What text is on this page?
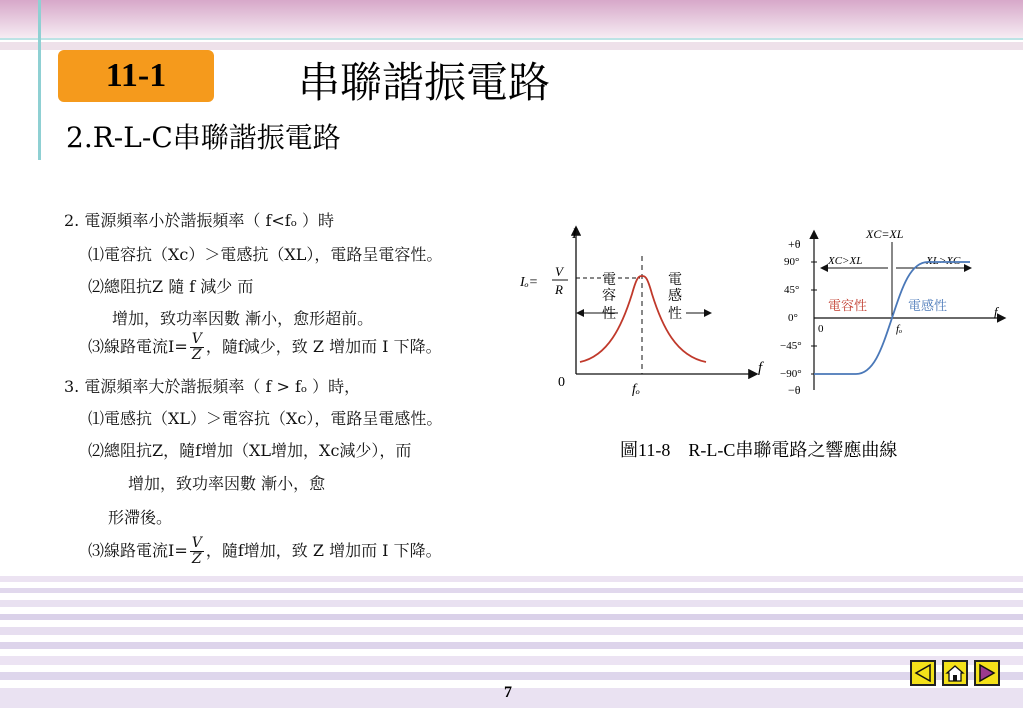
11-1	串聯諧振電路
2.R-L-C串聯諧振電路
2. 電源頻率小於諧振頻率（ f<fₒ ）時
⑴電容抗（Xc）＞電感抗（XL），電路呈電容性。
⑵總阻抗Z 隨 f 減少 而
增加，致功率因數 漸小，愈形超前。
⑶線路電流$I= \frac{V}{Z}$ ，隨f減少，致 Z 增加而 I 下降。
3. 電源頻率大於諧振頻率（ f > fₒ ）時，
⑴電感抗（XL）＞電容抗（Xc），電路呈電感性。
⑵總阻抗Z，隨f增加（XL增加，Xc減少），而
增加，致功率因數 漸小，愈
形滯後。
⑶線路電流$I= \frac{V}{Z}$ ，隨f增加，致 Z 增加而 I 下降。
I
f
0	fₒ
Iₒ=
V
R
電
容
性
電
感
性	f
+θ
−θ
90°
45°
0°
−45°
−90°
0	fₒ
XC=XL
XC>XL	XL>XC
電容性	電感性
圖11-8　R-L-C串聯電路之響應曲線
7
